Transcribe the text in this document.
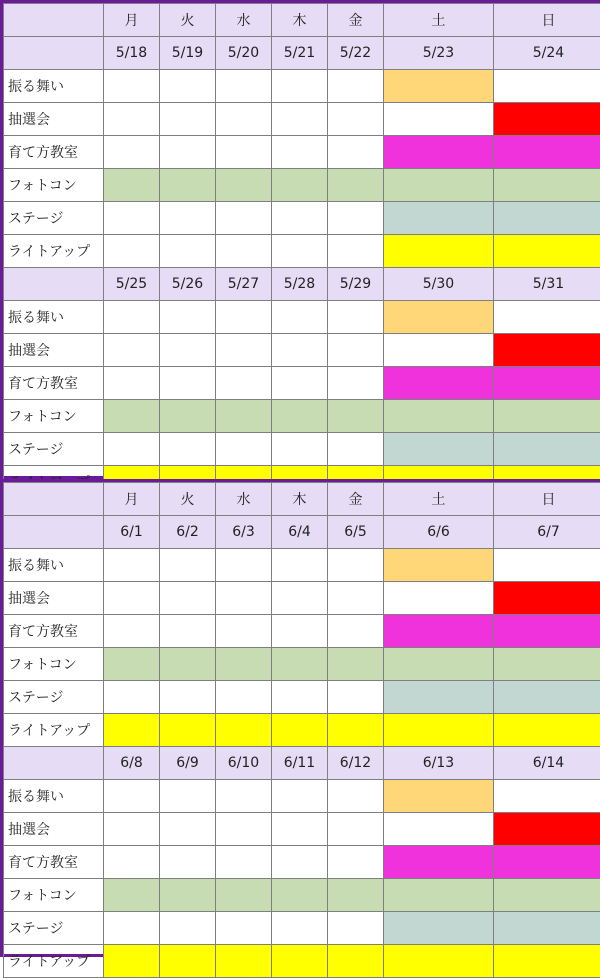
	月	火	水	木	金	土	日
	5/18	5/19	5/20	5/21	5/22	5/23	5/24
振る舞い							
抽選会							
育て方教室							
フォトコン							
ステージ							
ライトアップ							
	5/25	5/26	5/27	5/28	5/29	5/30	5/31
振る舞い							
抽選会							
育て方教室							
フォトコン							
ステージ							

	月	火	水	木	金	土	日
	6/1	6/2	6/3	6/4	6/5	6/6	6/7
振る舞い							
抽選会							
育て方教室							
フォトコン							
ステージ							
ライトアップ							
	6/8	6/9	6/10	6/11	6/12	6/13	6/14
振る舞い							
抽選会							
育て方教室							
フォトコン							
ステージ							
ライトアップ							
